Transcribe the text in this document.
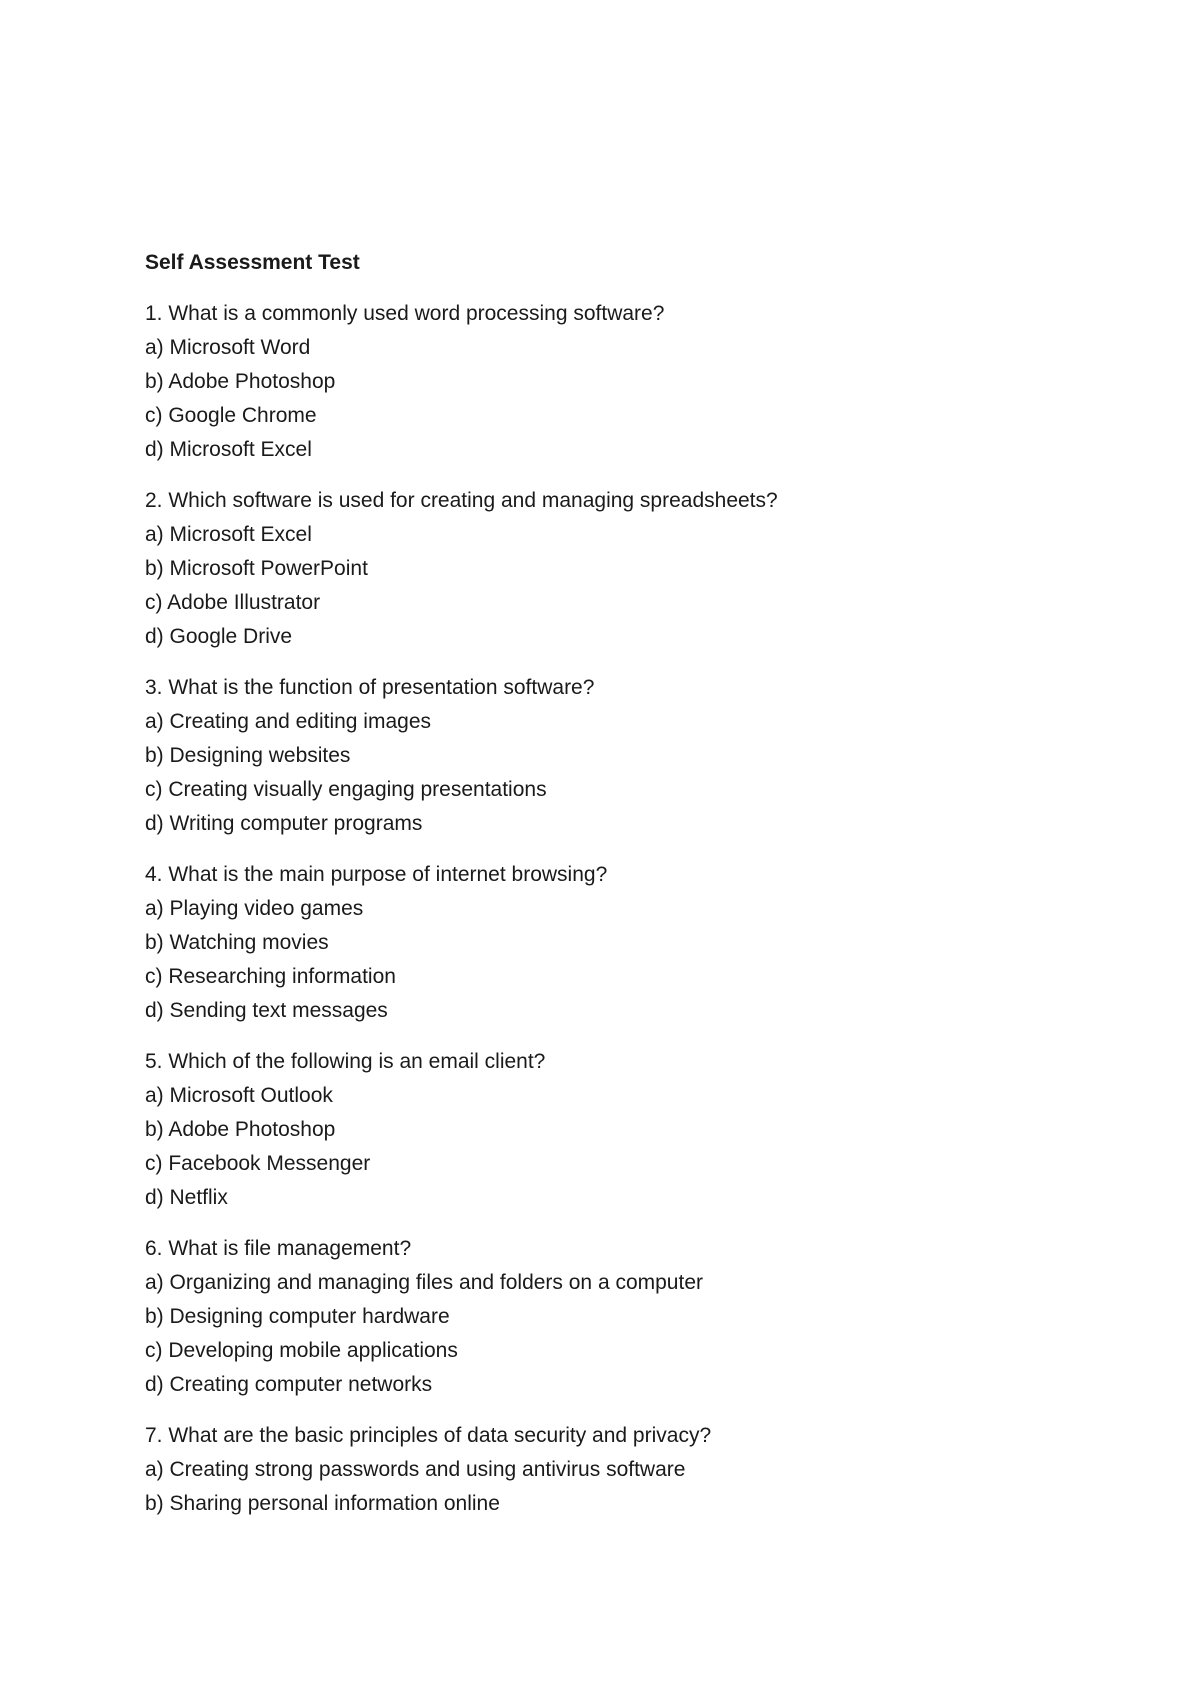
Self Assessment Test
1. What is a commonly used word processing software?
a) Microsoft Word
b) Adobe Photoshop
c) Google Chrome
d) Microsoft Excel
2. Which software is used for creating and managing spreadsheets?
a) Microsoft Excel
b) Microsoft PowerPoint
c) Adobe Illustrator
d) Google Drive
3. What is the function of presentation software?
a) Creating and editing images
b) Designing websites
c) Creating visually engaging presentations
d) Writing computer programs
4. What is the main purpose of internet browsing?
a) Playing video games
b) Watching movies
c) Researching information
d) Sending text messages
5. Which of the following is an email client?
a) Microsoft Outlook
b) Adobe Photoshop
c) Facebook Messenger
d) Netflix
6. What is file management?
a) Organizing and managing files and folders on a computer
b) Designing computer hardware
c) Developing mobile applications
d) Creating computer networks
7. What are the basic principles of data security and privacy?
a) Creating strong passwords and using antivirus software
b) Sharing personal information online
